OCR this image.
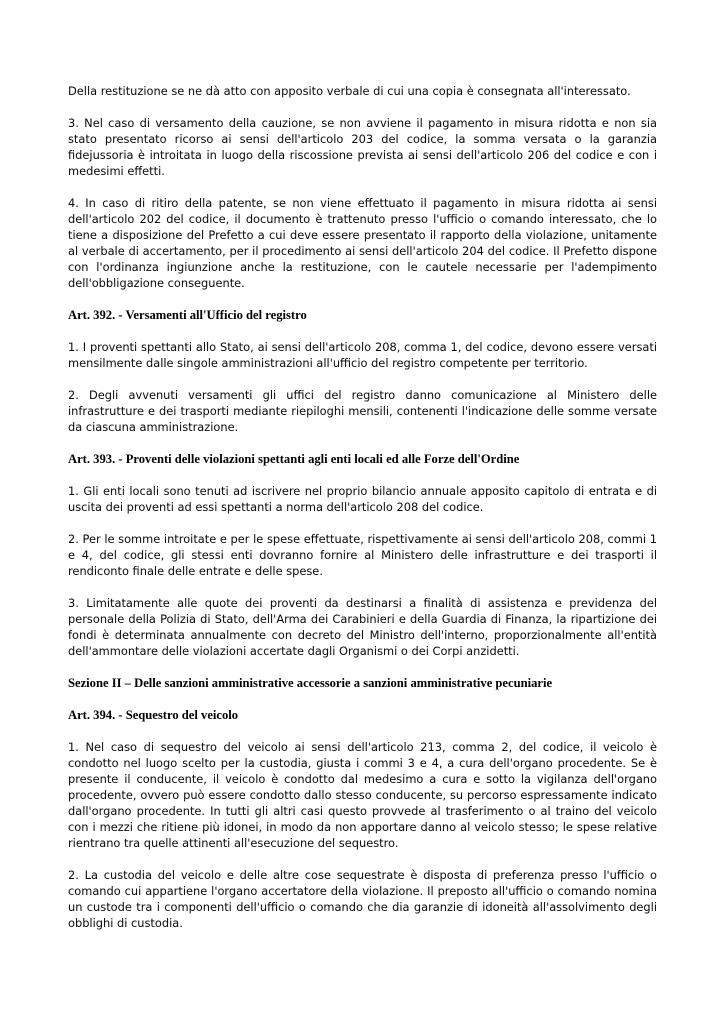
Della restituzione se ne dà atto con apposito verbale di cui una copia è consegnata all'interessato.

3. Nel caso di versamento della cauzione, se non avviene il pagamento in misura ridotta e non sia stato presentato ricorso ai sensi dell'articolo 203 del codice, la somma versata o la garanzia fidejussoria è introitata in luogo della riscossione prevista ai sensi dell'articolo 206 del codice e con i medesimi effetti.

4. In caso di ritiro della patente, se non viene effettuato il pagamento in misura ridotta ai sensi dell'articolo 202 del codice, il documento è trattenuto presso l'ufficio o comando interessato, che lo tiene a disposizione del Prefetto a cui deve essere presentato il rapporto della violazione, unitamente al verbale di accertamento, per il procedimento ai sensi dell'articolo 204 del codice. Il Prefetto dispone con l'ordinanza ingiunzione anche la restituzione, con le cautele necessarie per l'adempimento dell'obbligazione conseguente.

Art. 392. - Versamenti all'Ufficio del registro

1. I proventi spettanti allo Stato, ai sensi dell'articolo 208, comma 1, del codice, devono essere versati mensilmente dalle singole amministrazioni all'ufficio del registro competente per territorio.

2. Degli avvenuti versamenti gli uffici del registro danno comunicazione al Ministero delle infrastrutture e dei trasporti mediante riepiloghi mensili, contenenti l'indicazione delle somme versate da ciascuna amministrazione.

Art. 393. - Proventi delle violazioni spettanti agli enti locali ed alle Forze dell'Ordine

1. Gli enti locali sono tenuti ad iscrivere nel proprio bilancio annuale apposito capitolo di entrata e di uscita dei proventi ad essi spettanti a norma dell'articolo 208 del codice.

2. Per le somme introitate e per le spese effettuate, rispettivamente ai sensi dell'articolo 208, commi 1 e 4, del codice, gli stessi enti dovranno fornire al Ministero delle infrastrutture e dei trasporti il rendiconto finale delle entrate e delle spese.

3. Limitatamente alle quote dei proventi da destinarsi a finalità di assistenza e previdenza del personale della Polizia di Stato, dell'Arma dei Carabinieri e della Guardia di Finanza, la ripartizione dei fondi è determinata annualmente con decreto del Ministro dell'interno, proporzionalmente all'entità dell'ammontare delle violazioni accertate dagli Organismi o dei Corpi anzidetti.

Sezione II – Delle sanzioni amministrative accessorie a sanzioni amministrative pecuniarie
Art. 394. - Sequestro del veicolo

1. Nel caso di sequestro del veicolo ai sensi dell'articolo 213, comma 2, del codice, il veicolo è condotto nel luogo scelto per la custodia, giusta i commi 3 e 4, a cura dell'organo procedente. Se è presente il conducente, il veicolo è condotto dal medesimo a cura e sotto la vigilanza dell'organo procedente, ovvero può essere condotto dallo stesso conducente, su percorso espressamente indicato dall'organo procedente. In tutti gli altri casi questo provvede al trasferimento o al traino del veicolo con i mezzi che ritiene più idonei, in modo da non apportare danno al veicolo stesso; le spese relative rientrano tra quelle attinenti all'esecuzione del sequestro.

2. La custodia del veicolo e delle altre cose sequestrate è disposta di preferenza presso l'ufficio o comando cui appartiene l'organo accertatore della violazione. Il preposto all'ufficio o comando nomina un custode tra i componenti dell'ufficio o comando che dia garanzie di idoneità all'assolvimento degli obblighi di custodia.
